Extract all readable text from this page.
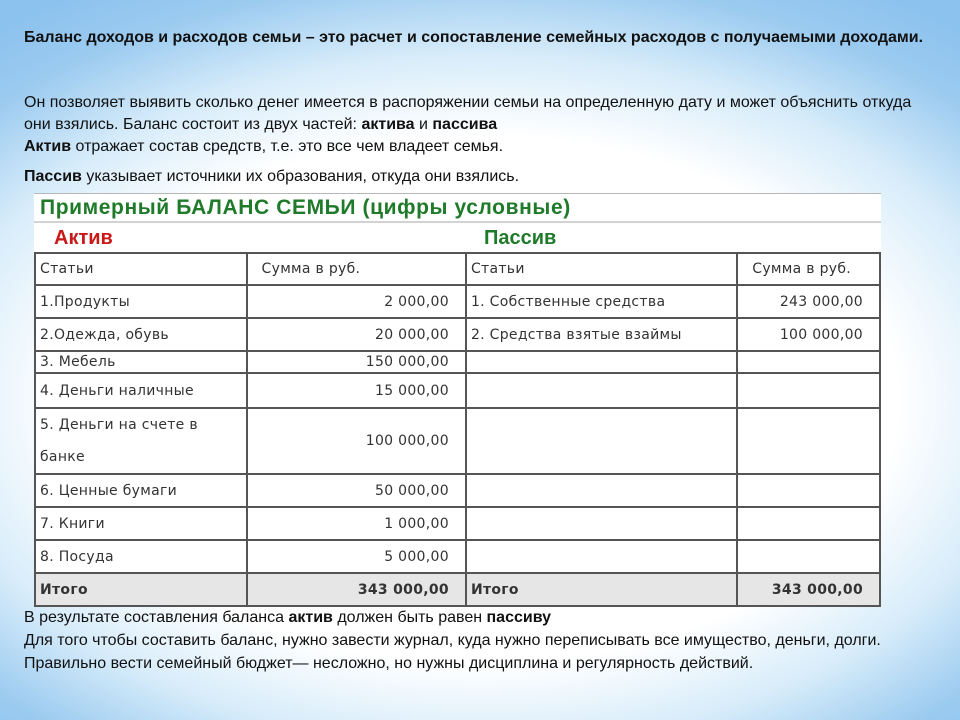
Баланс доходов и расходов семьи – это расчет и сопоставление семейных расходов с получаемыми доходами.
Он позволяет выявить сколько денег имеется в распоряжении семьи на определенную дату и может объяснить откуда они взялись. Баланс состоит из двух частей: актива и пассива
Актив отражает состав средств, т.е. это все чем владеет семья.
Пассив указывает источники их образования, откуда они взялись.
Примерный БАЛАНС СЕМЬИ (цифры условные)
Актив	Пассив
Статьи	Сумма в руб.	Статьи	Сумма в руб.
1.Продукты	2 000,00	1. Собственные средства	243 000,00
2.Одежда, обувь	20 000,00	2. Средства взятые взаймы	100 000,00
3. Мебель	150 000,00		
4. Деньги наличные	15 000,00		
5. Деньги на счете в банке	100 000,00		
6. Ценные бумаги	50 000,00		
7. Книги	1 000,00		
8. Посуда	5 000,00		
Итого	343 000,00	Итого	343 000,00
В результате составления баланса актив должен быть равен пассиву
Для того чтобы составить баланс, нужно завести журнал, куда нужно переписывать все имущество, деньги, долги. Правильно вести семейный бюджет— несложно, но нужны дисциплина и регулярность действий.
